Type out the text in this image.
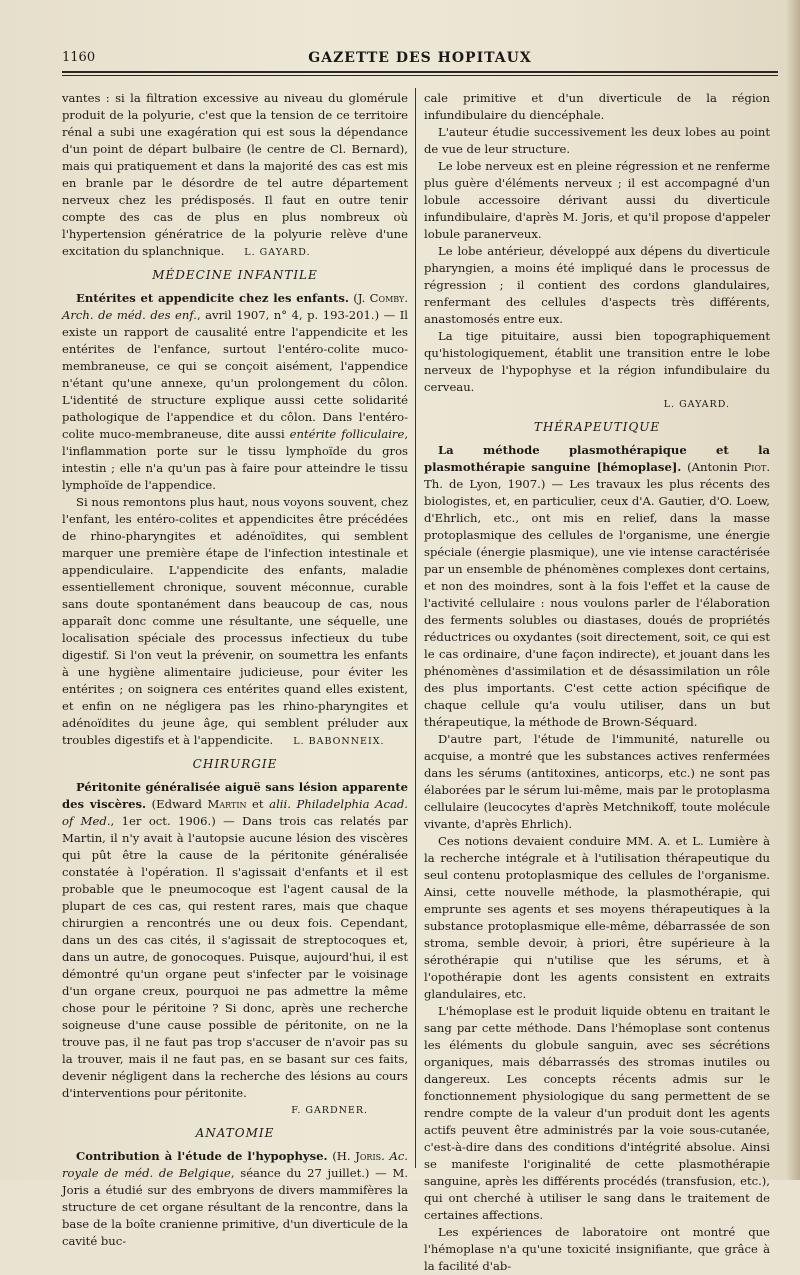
1160	GAZETTE DES HOPITAUX

vantes : si la filtration excessive au niveau du glomérule produit de la polyurie, c'est que la tension de ce territoire rénal a subi une exagération qui est sous la dépendance d'un point de départ bulbaire (le centre de Cl. Bernard), mais qui pratiquement et dans la majorité des cas est mis en branle par le désordre de tel autre département nerveux chez les prédisposés. Il faut en outre tenir compte des cas de plus en plus nombreux où l'hypertension génératrice de la polyurie relève d'une excitation du splanchnique. L. GAYARD.

MÉDECINE INFANTILE

Entérites et appendicite chez les enfants. (J. Comby. Arch. de méd. des enf., avril 1907, n° 4, p. 193-201.) — Il existe un rapport de causalité entre l'appendicite et les entérites de l'enfance, surtout l'entéro-colite muco-membraneuse, ce qui se conçoit aisément, l'appendice n'étant qu'une annexe, qu'un prolongement du côlon. L'identité de structure explique aussi cette solidarité pathologique de l'appendice et du côlon. Dans l'entéro-colite muco-membraneuse, dite aussi entérite folliculaire, l'inflammation porte sur le tissu lymphoïde du gros intestin ; elle n'a qu'un pas à faire pour atteindre le tissu lymphoïde de l'appendice.

Si nous remontons plus haut, nous voyons souvent, chez l'enfant, les entéro-colites et appendicites être précédées de rhino-pharyngites et adénoïdites, qui semblent marquer une première étape de l'infection intestinale et appendiculaire. L'appendicite des enfants, maladie essentiellement chronique, souvent méconnue, curable sans doute spontanément dans beaucoup de cas, nous apparaît donc comme une résultante, une séquelle, une localisation spéciale des processus infectieux du tube digestif. Si l'on veut la prévenir, on soumettra les enfants à une hygiène alimentaire judicieuse, pour éviter les entérites ; on soignera ces entérites quand elles existent, et enfin on ne négligera pas les rhino-pharyngites et adénoïdites du jeune âge, qui semblent préluder aux troubles digestifs et à l'appendicite. L. BABONNEIX.

CHIRURGIE

Péritonite généralisée aiguë sans lésion apparente des viscères. (Edward Martin et alii. Philadelphia Acad. of Med., 1er oct. 1906.) — Dans trois cas relatés par Martin, il n'y avait à l'autopsie aucune lésion des viscères qui pût être la cause de la péritonite généralisée constatée à l'opération. Il s'agissait d'enfants et il est probable que le pneumocoque est l'agent causal de la plupart de ces cas, qui restent rares, mais que chaque chirurgien a rencontrés une ou deux fois. Cependant, dans un des cas cités, il s'agissait de streptocoques et, dans un autre, de gonocoques. Puisque, aujourd'hui, il est démontré qu'un organe peut s'infecter par le voisinage d'un organe creux, pourquoi ne pas admettre la même chose pour le péritoine ? Si donc, après une recherche soigneuse d'une cause possible de péritonite, on ne la trouve pas, il ne faut pas trop s'accuser de n'avoir pas su la trouver, mais il ne faut pas, en se basant sur ces faits, devenir négligent dans la recherche des lésions au cours d'interventions pour péritonite.

F. GARDNER.
ANATOMIE

Contribution à l'étude de l'hypophyse. (H. Joris. Ac. royale de méd. de Belgique, séance du 27 juillet.) — M. Joris a étudié sur des embryons de divers mammifères la structure de cet organe résultant de la rencontre, dans la base de la boîte cranienne primitive, d'un diverticule de la cavité buc-

cale primitive et d'un diverticule de la région infundibulaire du diencéphale.

L'auteur étudie successivement les deux lobes au point de vue de leur structure.

Le lobe nerveux est en pleine régression et ne renferme plus guère d'éléments nerveux ; il est accompagné d'un lobule accessoire dérivant aussi du diverticule infundibulaire, d'après M. Joris, et qu'il propose d'appeler lobule paranerveux.

Le lobe antérieur, développé aux dépens du diverticule pharyngien, a moins été impliqué dans le processus de régression ; il contient des cordons glandulaires, renfermant des cellules d'aspects très différents, anastomosés entre eux.

La tige pituitaire, aussi bien topographiquement qu'histologiquement, établit une transition entre le lobe nerveux de l'hypophyse et la région infundibulaire du cerveau.

L. GAYARD.
THÉRAPEUTIQUE

La méthode plasmothérapique et la plasmothérapie sanguine [hémoplase]. (Antonin Piot. Th. de Lyon, 1907.) — Les travaux les plus récents des biologistes, et, en particulier, ceux d'A. Gautier, d'O. Loew, d'Ehrlich, etc., ont mis en relief, dans la masse protoplasmique des cellules de l'organisme, une énergie spéciale (énergie plasmique), une vie intense caractérisée par un ensemble de phénomènes complexes dont certains, et non des moindres, sont à la fois l'effet et la cause de l'activité cellulaire : nous voulons parler de l'élaboration des ferments solubles ou diastases, doués de propriétés réductrices ou oxydantes (soit directement, soit, ce qui est le cas ordinaire, d'une façon indirecte), et jouant dans les phénomènes d'assimilation et de désassimilation un rôle des plus importants. C'est cette action spécifique de chaque cellule qu'a voulu utiliser, dans un but thérapeutique, la méthode de Brown-Séquard.

D'autre part, l'étude de l'immunité, naturelle ou acquise, a montré que les substances actives renfermées dans les sérums (antitoxines, anticorps, etc.) ne sont pas élaborées par le sérum lui-même, mais par le protoplasma cellulaire (leucocytes d'après Metchnikoff, toute molécule vivante, d'après Ehrlich).

Ces notions devaient conduire MM. A. et L. Lumière à la recherche intégrale et à l'utilisation thérapeutique du seul contenu protoplasmique des cellules de l'organisme. Ainsi, cette nouvelle méthode, la plasmothérapie, qui emprunte ses agents et ses moyens thérapeutiques à la substance protoplasmique elle-même, débarrassée de son stroma, semble devoir, à priori, être supérieure à la sérothérapie qui n'utilise que les sérums, et à l'opothérapie dont les agents consistent en extraits glandulaires, etc.

L'hémoplase est le produit liquide obtenu en traitant le sang par cette méthode. Dans l'hémoplase sont contenus les éléments du globule sanguin, avec ses sécrétions organiques, mais débarrassés des stromas inutiles ou dangereux. Les concepts récents admis sur le fonctionnement physiologique du sang permettent de se rendre compte de la valeur d'un produit dont les agents actifs peuvent être administrés par la voie sous-cutanée, c'est-à-dire dans des conditions d'intégrité absolue. Ainsi se manifeste l'originalité de cette plasmothérapie sanguine, après les différents procédés (transfusion, etc.), qui ont cherché à utiliser le sang dans le traitement de certaines affections.

Les expériences de laboratoire ont montré que l'hémoplase n'a qu'une toxicité insignifiante, que grâce à la facilité d'ab-
